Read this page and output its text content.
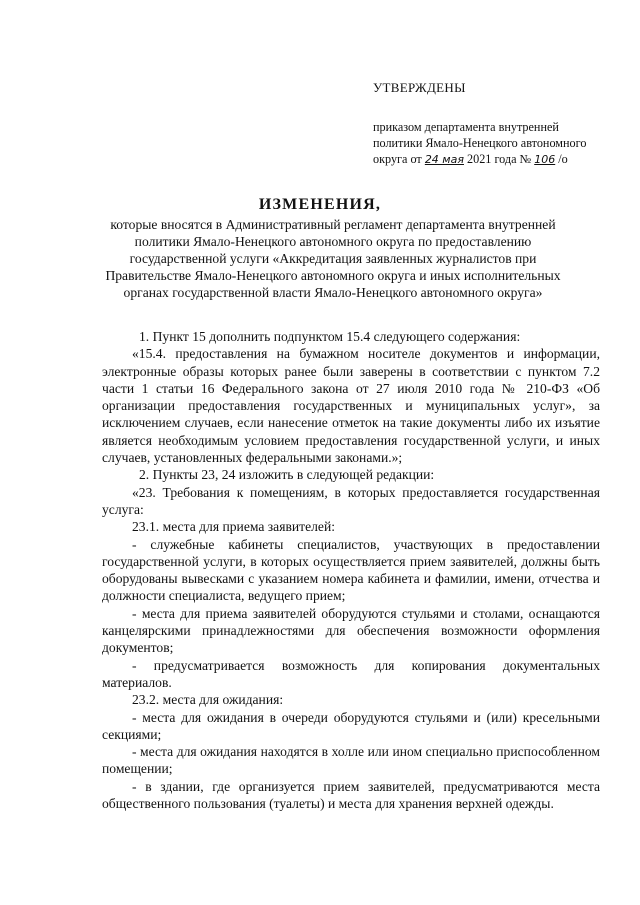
УТВЕРЖДЕНЫ
приказом департамента внутренней
политики Ямало-Ненецкого автономного
округа от 24 мая 2021 года № 106 /о
ИЗМЕНЕНИЯ,
которые вносятся в Административный регламент департамента внутренней
политики Ямало-Ненецкого автономного округа по предоставлению
государственной услуги «Аккредитация заявленных журналистов при
Правительстве Ямало-Ненецкого автономного округа и иных исполнительных
органах государственной власти Ямало-Ненецкого автономного округа»

1. Пункт 15 дополнить подпунктом 15.4 следующего содержания:

«15.4. предоставления на бумажном носителе документов и информации, электронные образы которых ранее были заверены в соответствии с пунктом 7.2 части 1 статьи 16 Федерального закона от 27 июля 2010 года № 210-ФЗ «Об организации предоставления государственных и муниципальных услуг», за исключением случаев, если нанесение отметок на такие документы либо их изъятие является необходимым условием предоставления государственной услуги, и иных случаев, установленных федеральными законами.»;

2. Пункты 23, 24 изложить в следующей редакции:

«23. Требования к помещениям, в которых предоставляется государственная услуга:

23.1. места для приема заявителей:

- служебные кабинеты специалистов, участвующих в предоставлении государственной услуги, в которых осуществляется прием заявителей, должны быть оборудованы вывесками с указанием номера кабинета и фамилии, имени, отчества и должности специалиста, ведущего прием;

- места для приема заявителей оборудуются стульями и столами, оснащаются канцелярскими принадлежностями для обеспечения возможности оформления документов;

- предусматривается возможность для копирования документальных материалов.

23.2. места для ожидания:

- места для ожидания в очереди оборудуются стульями и (или) кресельными секциями;

- места для ожидания находятся в холле или ином специально приспособленном помещении;

- в здании, где организуется прием заявителей, предусматриваются места общественного пользования (туалеты) и места для хранения верхней одежды.
